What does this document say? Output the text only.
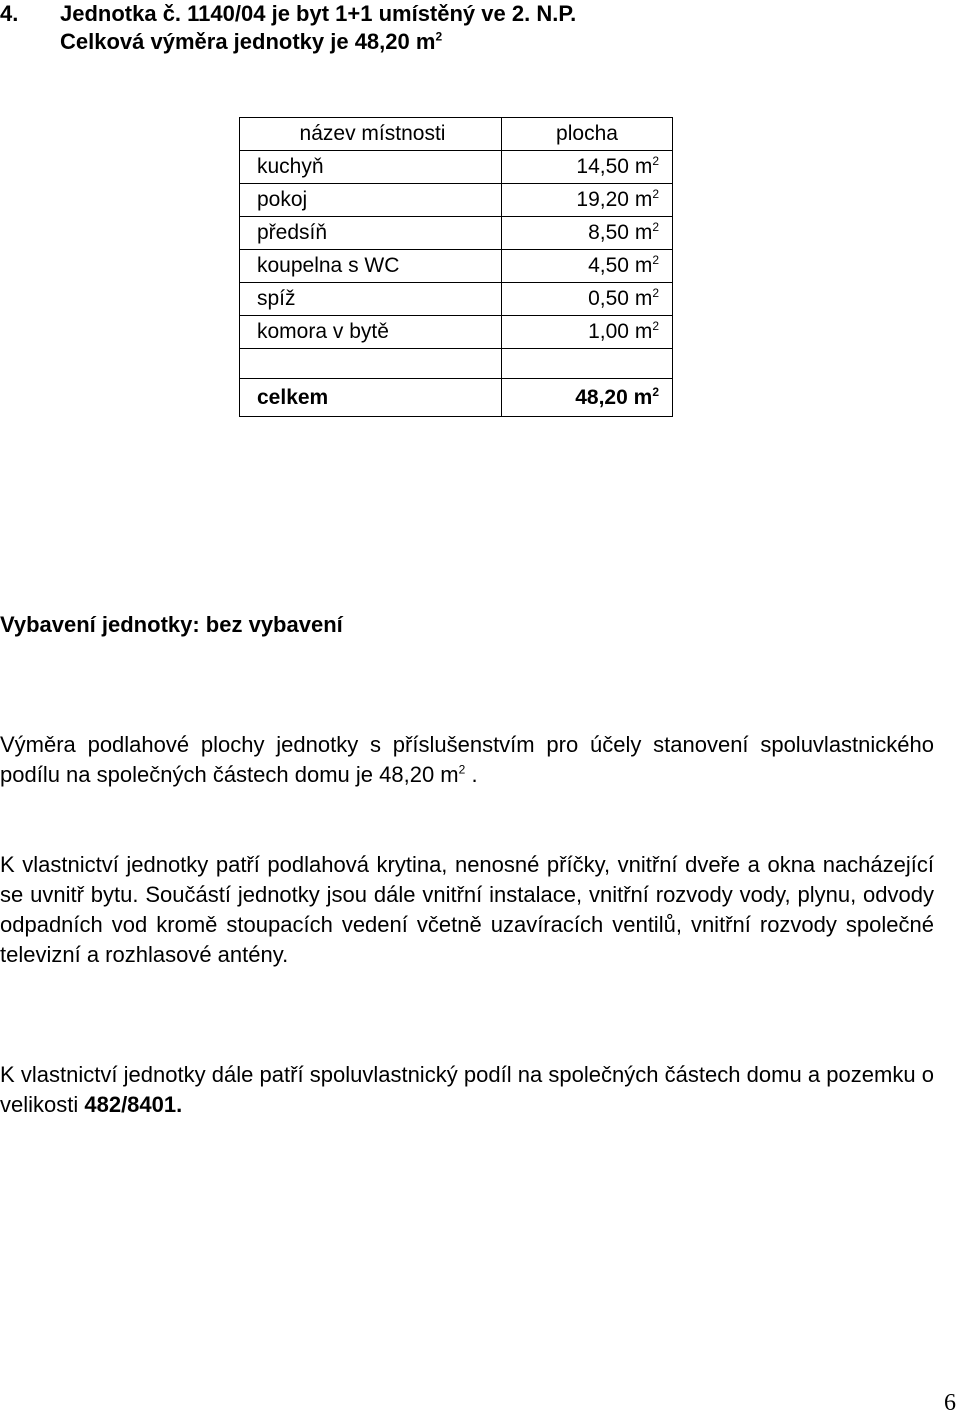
4. Jednotka č. 1140/04 je byt 1+1 umístěný ve 2. N.P.
Celková výměra jednotky je 48,20 $m^2$
název místnosti	plocha
kuchyň	14,50 $m^2$
pokoj	19,20 $m^2$
předsíň	8,50 $m^2$
koupelna s WC	4,50 $m^2$
spíž	0,50 $m^2$
komora v bytě	1,00 $m^2$

celkem	48,20 $m^2$
Vybavení jednotky: bez vybavení
Výměra podlahové plochy jednotky s příslušenstvím pro účely stanovení spoluvlastnického podílu na společných částech domu je 48,20 $m^2$ .
K vlastnictví jednotky patří podlahová krytina, nenosné příčky, vnitřní dveře a okna nacházející se uvnitř bytu. Součástí jednotky jsou dále vnitřní instalace, vnitřní rozvody vody, plynu, odvody odpadních vod kromě stoupacích vedení včetně uzavíracích ventilů, vnitřní rozvody společné televizní a rozhlasové antény.
K vlastnictví jednotky dále patří spoluvlastnický podíl na společných částech domu a pozemku o velikosti 482/8401.
6
